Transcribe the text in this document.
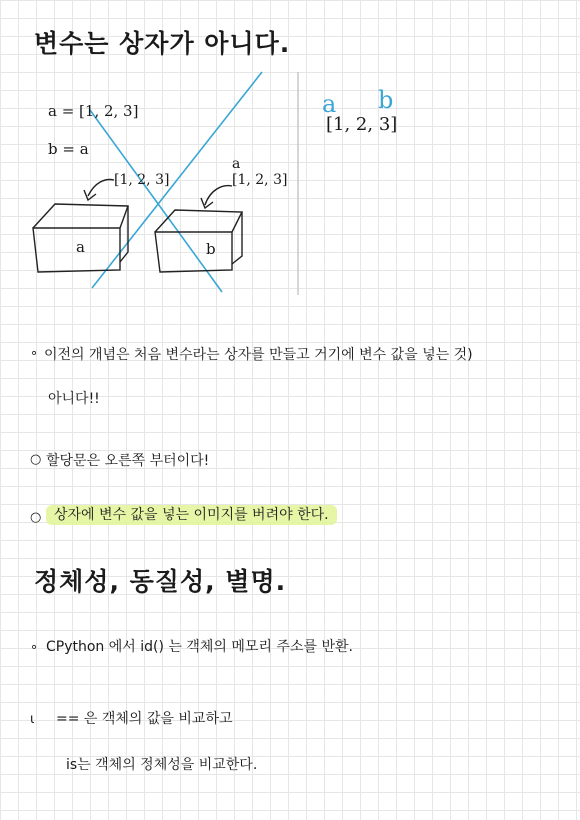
변수는 상자가 아니다.
a = [1, 2, 3]
b = a
[1, 2, 3]
a
[1, 2, 3]
a	b
a b
[1, 2, 3]
∘ 이전의 개념은 처음 변수라는 상자를 만들고 거기에 변수 값을 넣는 것)
아니다!!
○ 할당문은 오른쪽 부터이다!
○ 상자에 변수 값을 넣는 이미지를 버려야 한다.
정체성, 동질성, 별명.
∘ CPython 에서 id() 는 객체의 메모리 주소를 반환.
ι == 은 객체의 값을 비교하고
is는 객체의 정체성을 비교한다.
